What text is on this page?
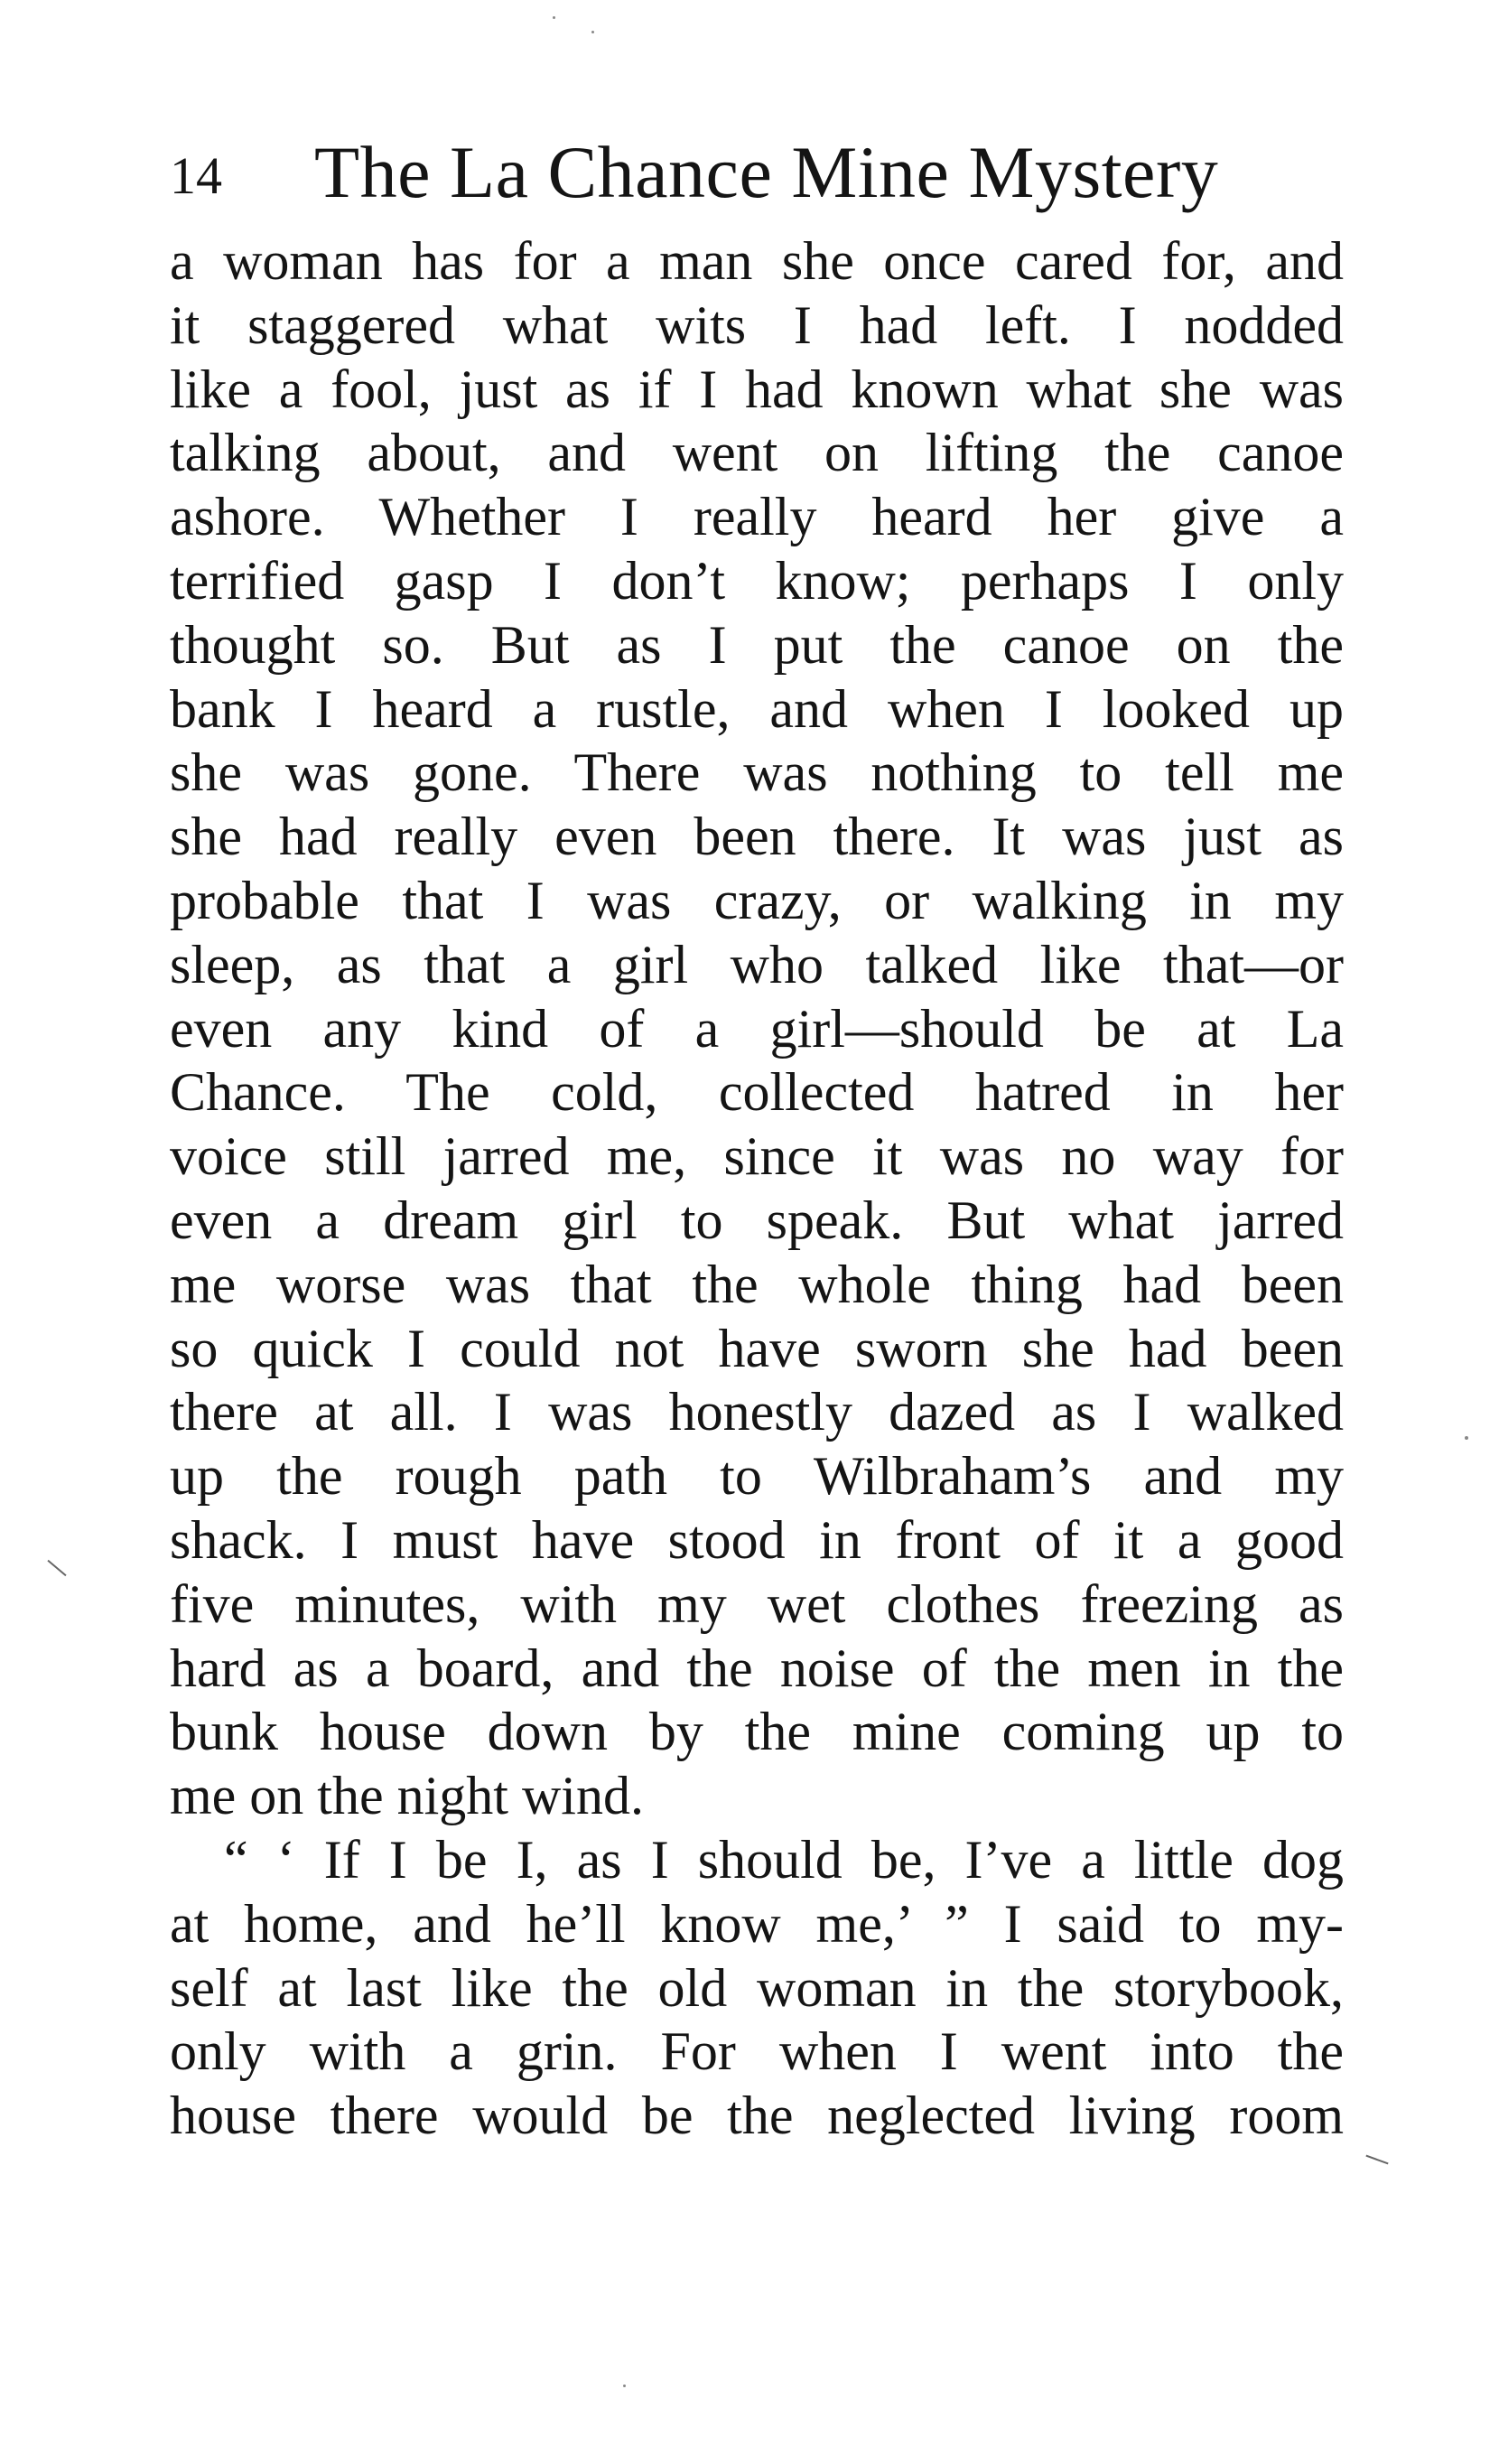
14 The La Chance Mine Mystery
a woman has for a man she once cared for, and
it staggered what wits I had left. I nodded
like a fool, just as if I had known what she was
talking about, and went on lifting the canoe
ashore. Whether I really heard her give a
terrified gasp I don’t know; perhaps I only
thought so. But as I put the canoe on the
bank I heard a rustle, and when I looked up
she was gone. There was nothing to tell me
she had really even been there. It was just as
probable that I was crazy, or walking in my
sleep, as that a girl who talked like that—or
even any kind of a girl—should be at La
Chance. The cold, collected hatred in her
voice still jarred me, since it was no way for
even a dream girl to speak. But what jarred
me worse was that the whole thing had been
so quick I could not have sworn she had been
there at all. I was honestly dazed as I walked
up the rough path to Wilbraham’s and my
shack. I must have stood in front of it a good
five minutes, with my wet clothes freezing as
hard as a board, and the noise of the men in the
bunk house down by the mine coming up to
me on the night wind.
“ ‘ If I be I, as I should be, I’ve a little dog
at home, and he’ll know me,’ ” I said to my-
self at last like the old woman in the storybook,
only with a grin. For when I went into the
house there would be the neglected living room
